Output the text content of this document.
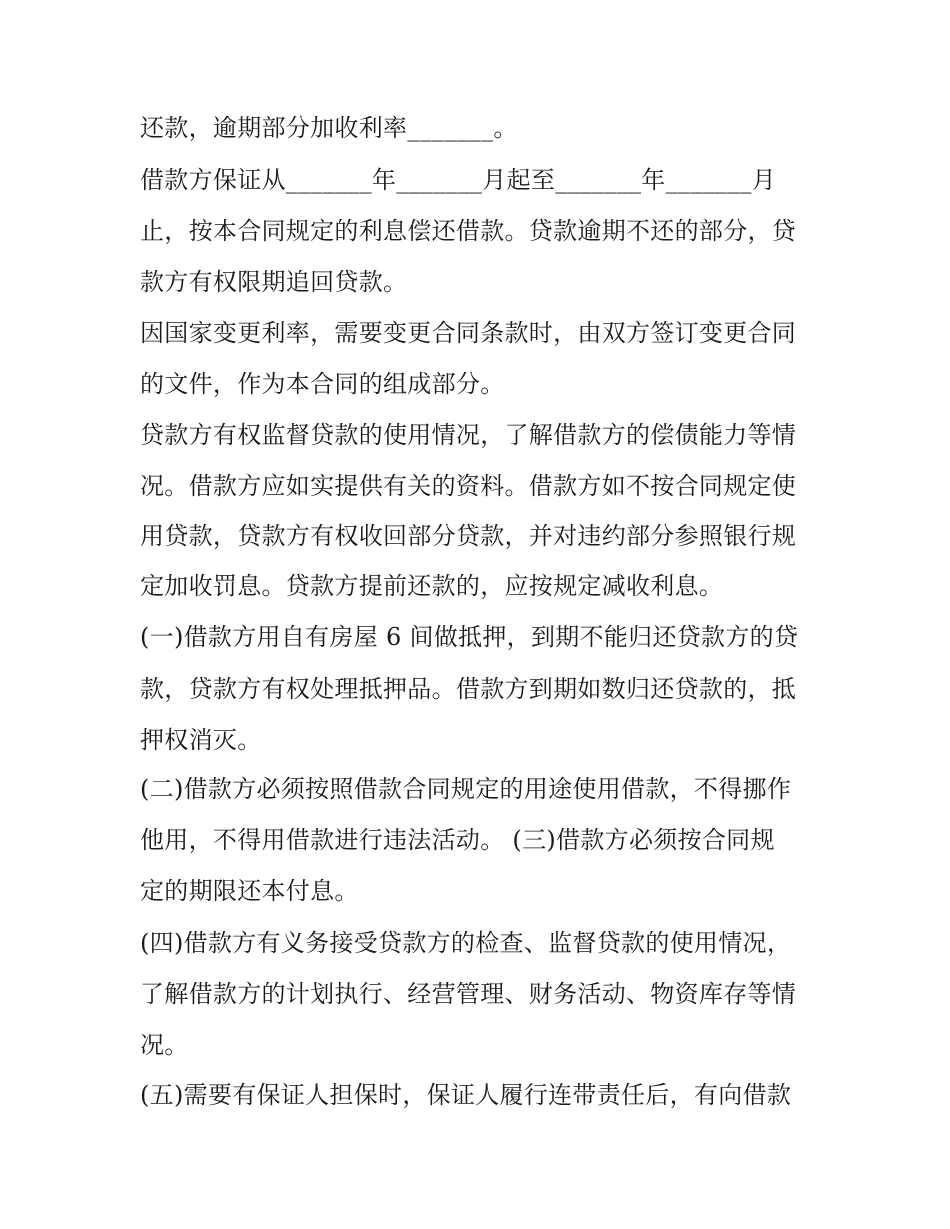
还款，逾期部分加收利率_______。
借款方保证从_______年_______月起至_______年_______月
止，按本合同规定的利息偿还借款。贷款逾期不还的部分，贷
款方有权限期追回贷款。
因国家变更利率，需要变更合同条款时，由双方签订变更合同
的文件，作为本合同的组成部分。
贷款方有权监督贷款的使用情况，了解借款方的偿债能力等情
况。借款方应如实提供有关的资料。借款方如不按合同规定使
用贷款，贷款方有权收回部分贷款，并对违约部分参照银行规
定加收罚息。贷款方提前还款的，应按规定减收利息。
(一)借款方用自有房屋 6 间做抵押，到期不能归还贷款方的贷
款，贷款方有权处理抵押品。借款方到期如数归还贷款的，抵
押权消灭。
(二)借款方必须按照借款合同规定的用途使用借款，不得挪作
他用，不得用借款进行违法活动。 (三)借款方必须按合同规
定的期限还本付息。
(四)借款方有义务接受贷款方的检查、监督贷款的使用情况，
了解借款方的计划执行、经营管理、财务活动、物资库存等情
况。
(五)需要有保证人担保时，保证人履行连带责任后，有向借款
